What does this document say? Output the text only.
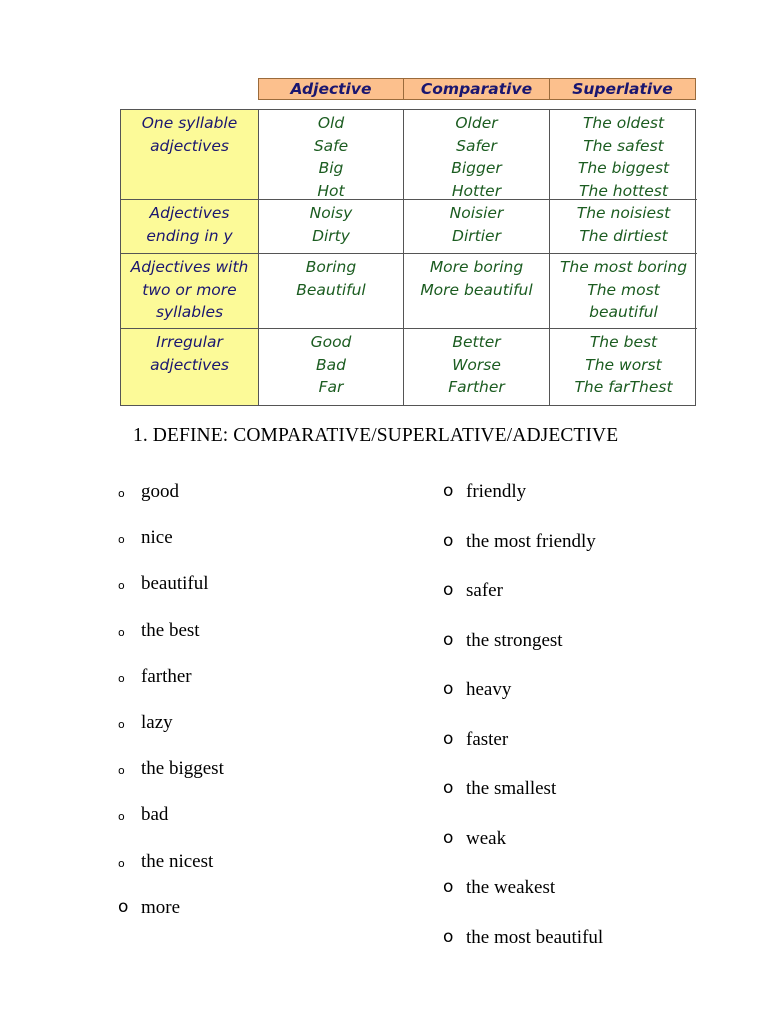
Adjective	Comparative	Superlative
One syllable
adjectives
Old
Safe
Big
Hot
Older
Safer
Bigger
Hotter
The oldest
The safest
The biggest
The hottest
Adjectives
ending in y
Noisy
Dirty
Noisier
Dirtier
The noisiest
The dirtiest
Adjectives with
two or more
syllables
Boring
Beautiful
More boring
More beautiful
The most boring
The most
beautiful
Irregular
adjectives
Good
Bad
Far
Better
Worse
Farther
The best
The worst
The farThest
1. DEFINE: COMPARATIVE/SUPERLATIVE/ADJECTIVE
o good
o nice
o beautiful
o the best
o farther
o lazy
o the biggest
o bad
o the nicest
o more
o friendly
o the most friendly
o safer
o the strongest
o heavy
o faster
o the smallest
o weak
o the weakest
o the most beautiful
